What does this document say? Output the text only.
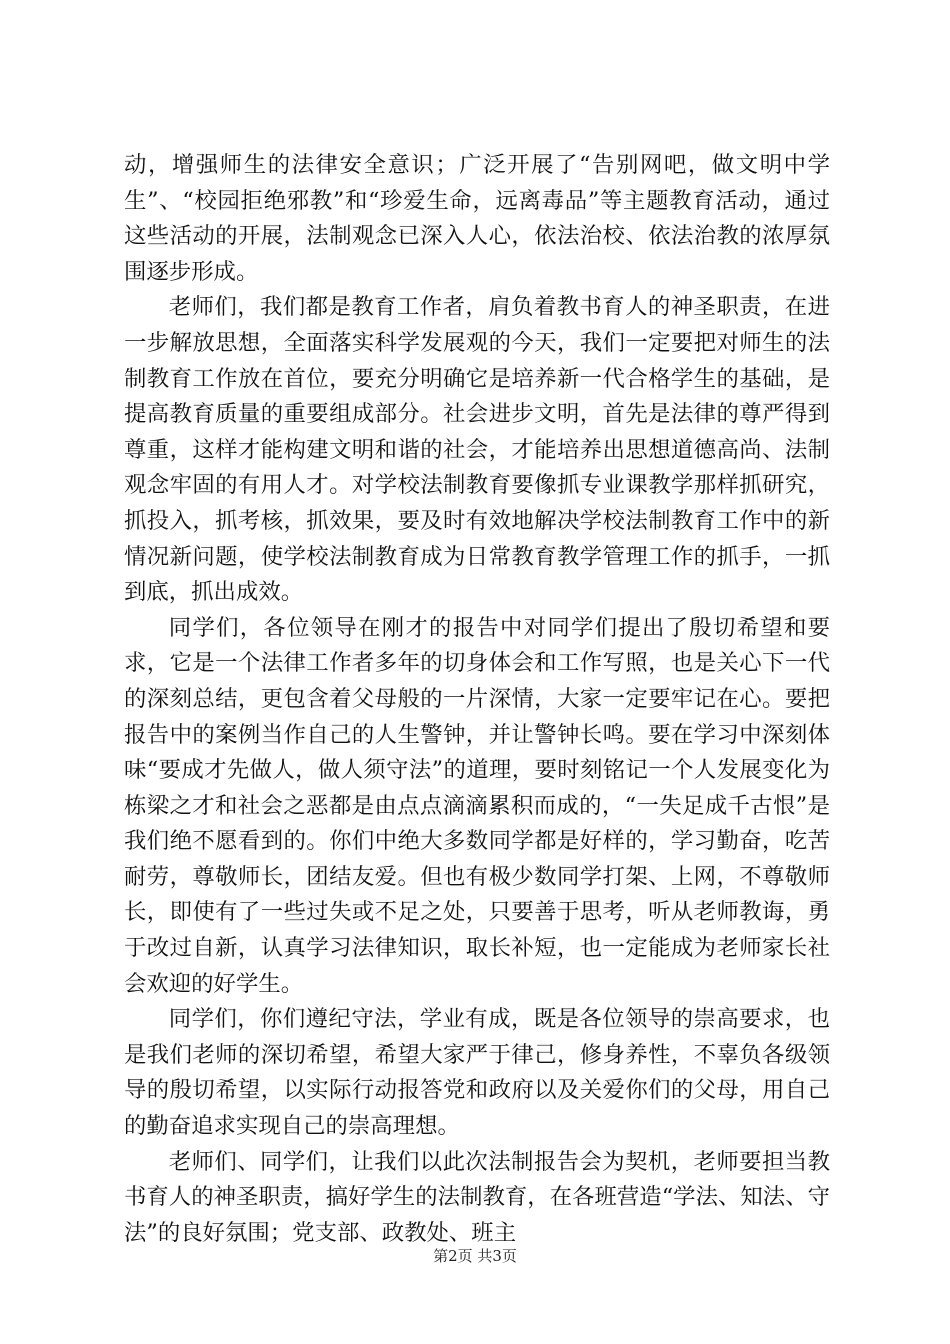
动，增强师生的法律安全意识；广泛开展了“告别网吧，做文明中学生”、“校园拒绝邪教”和“珍爱生命，远离毒品”等主题教育活动，通过这些活动的开展，法制观念已深入人心，依法治校、依法治教的浓厚氛围逐步形成。

老师们，我们都是教育工作者，肩负着教书育人的神圣职责，在进一步解放思想，全面落实科学发展观的今天，我们一定要把对师生的法制教育工作放在首位，要充分明确它是培养新一代合格学生的基础，是提高教育质量的重要组成部分。社会进步文明，首先是法律的尊严得到尊重，这样才能构建文明和谐的社会，才能培养出思想道德高尚、法制观念牢固的有用人才。对学校法制教育要像抓专业课教学那样抓研究，抓投入，抓考核，抓效果，要及时有效地解决学校法制教育工作中的新情况新问题，使学校法制教育成为日常教育教学管理工作的抓手，一抓到底，抓出成效。

同学们，各位领导在刚才的报告中对同学们提出了殷切希望和要求，它是一个法律工作者多年的切身体会和工作写照，也是关心下一代的深刻总结，更包含着父母般的一片深情，大家一定要牢记在心。要把报告中的案例当作自己的人生警钟，并让警钟长鸣。要在学习中深刻体味“要成才先做人，做人须守法”的道理，要时刻铭记一个人发展变化为栋梁之才和社会之恶都是由点点滴滴累积而成的，“一失足成千古恨”是我们绝不愿看到的。你们中绝大多数同学都是好样的，学习勤奋，吃苦耐劳，尊敬师长，团结友爱。但也有极少数同学打架、上网，不尊敬师长，即使有了一些过失或不足之处，只要善于思考，听从老师教诲，勇于改过自新，认真学习法律知识，取长补短，也一定能成为老师家长社会欢迎的好学生。

同学们，你们遵纪守法，学业有成，既是各位领导的崇高要求，也是我们老师的深切希望，希望大家严于律己，修身养性，不辜负各级领导的殷切希望，以实际行动报答党和政府以及关爱你们的父母，用自己的勤奋追求实现自己的崇高理想。

老师们、同学们，让我们以此次法制报告会为契机，老师要担当教书育人的神圣职责，搞好学生的法制教育，在各班营造“学法、知法、守法”的良好氛围；党支部、政教处、班主

第2页 共3页
